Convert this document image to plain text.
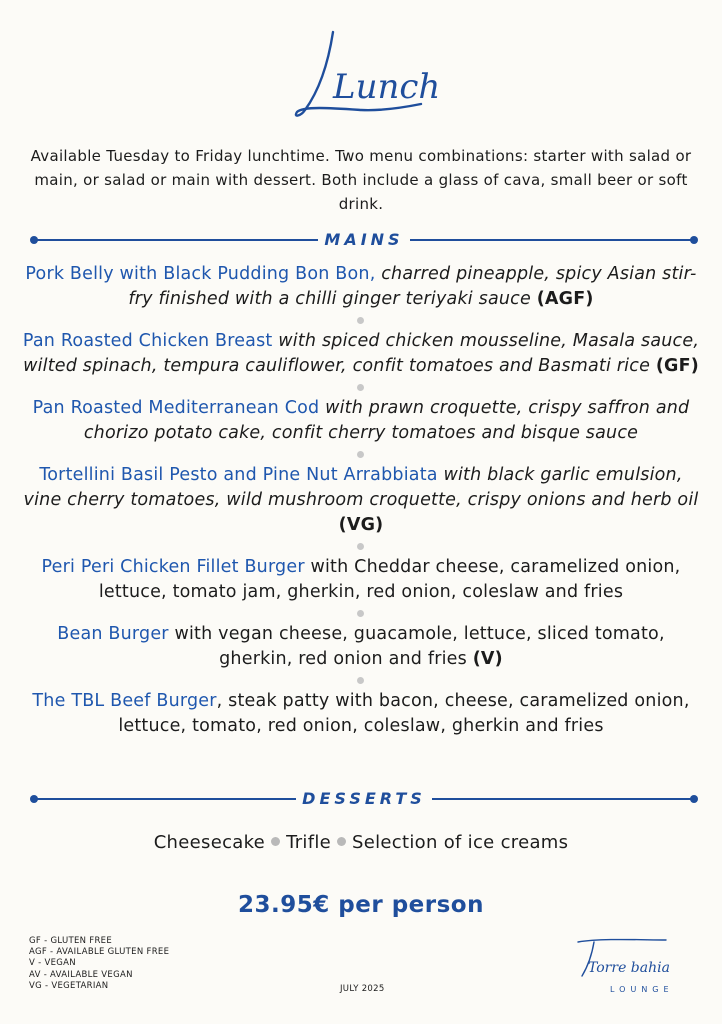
Lunch
Available Tuesday to Friday lunchtime. Two menu combinations: starter with salad or main, or salad or main with dessert. Both include a glass of cava, small beer or soft drink.
MAINS

Pork Belly with Black Pudding Bon Bon, charred pineapple, spicy Asian stir-fry finished with a chilli ginger teriyaki sauce (AGF)

Pan Roasted Chicken Breast with spiced chicken mousseline, Masala sauce, wilted spinach, tempura cauliflower, confit tomatoes and Basmati rice (GF)

Pan Roasted Mediterranean Cod with prawn croquette, crispy saffron and chorizo potato cake, confit cherry tomatoes and bisque sauce

Tortellini Basil Pesto and Pine Nut Arrabbiata with black garlic emulsion, vine cherry tomatoes, wild mushroom croquette, crispy onions and herb oil (VG)

Peri Peri Chicken Fillet Burger with Cheddar cheese, caramelized onion, lettuce, tomato jam, gherkin, red onion, coleslaw and fries

Bean Burger with vegan cheese, guacamole, lettuce, sliced tomato, gherkin, red onion and fries (V)

The TBL Beef Burger, steak patty with bacon, cheese, caramelized onion, lettuce, tomato, red onion, coleslaw, gherkin and fries

DESSERTS
Cheesecake Trifle Selection of ice creams
23.95€ per person
GF - GLUTEN FREE
AGF - AVAILABLE GLUTEN FREE
V - VEGAN
AV - AVAILABLE VEGAN
VG - VEGETARIAN	JULY 2025
Torre bahia
LOUNGE
